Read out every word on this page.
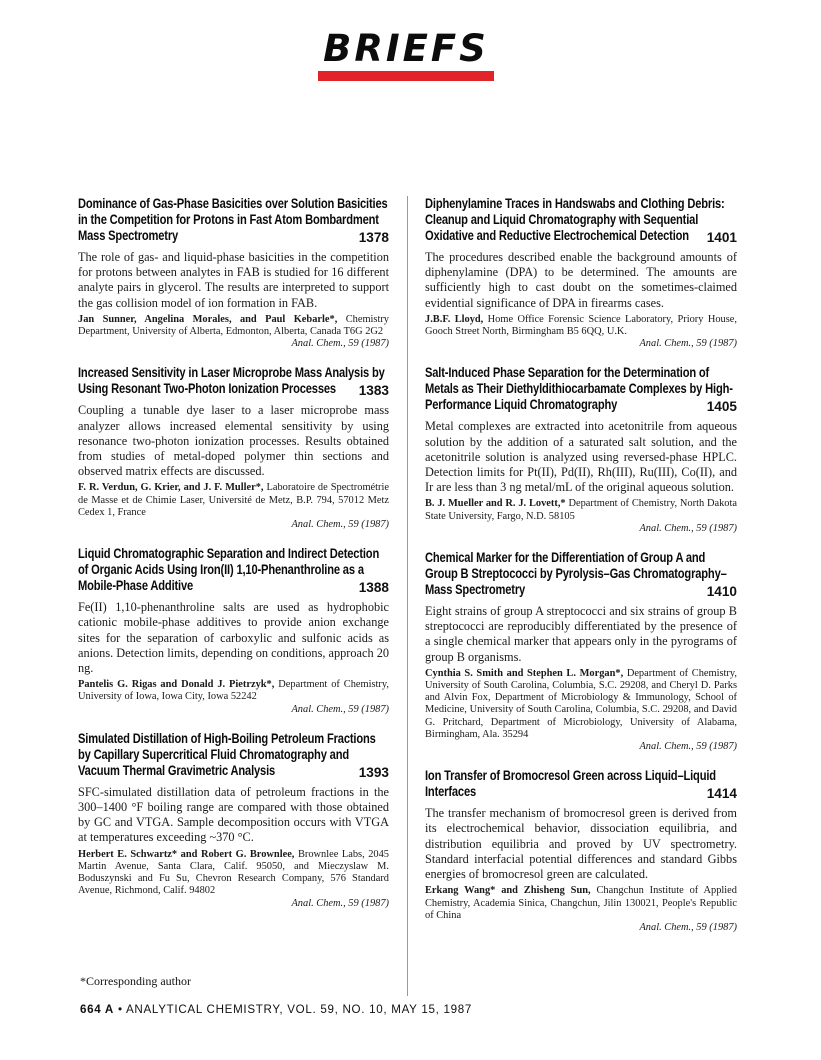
BRIEFS
Dominance of Gas-Phase Basicities over Solution Basicities in the Competition for Protons in Fast Atom Bombardment Mass Spectrometry	1378
The role of gas- and liquid-phase basicities in the competition for protons between analytes in FAB is studied for 16 different analyte pairs in glycerol. The results are interpreted to support the gas collision model of ion formation in FAB.
Jan Sunner, Angelina Morales, and Paul Kebarle*, Chemistry Department, University of Alberta, Edmonton, Alberta, Canada T6G 2G2
Anal. Chem., 59 (1987)
Increased Sensitivity in Laser Microprobe Mass Analysis by Using Resonant Two-Photon Ionization Processes	1383
Coupling a tunable dye laser to a laser microprobe mass analyzer allows increased elemental sensitivity by using resonance two-photon ionization processes. Results obtained from studies of metal-doped polymer thin sections and observed matrix effects are discussed.
F. R. Verdun, G. Krier, and J. F. Muller*, Laboratoire de Spectrométrie de Masse et de Chimie Laser, Université de Metz, B.P. 794, 57012 Metz Cedex 1, France
Anal. Chem., 59 (1987)
Liquid Chromatographic Separation and Indirect Detection of Organic Acids Using Iron(II) 1,10-Phenanthroline as a Mobile-Phase Additive	1388
Fe(II) 1,10-phenanthroline salts are used as hydrophobic cationic mobile-phase additives to provide anion exchange sites for the separation of carboxylic and sulfonic acids as anions. Detection limits, depending on conditions, approach 20 ng.
Pantelis G. Rigas and Donald J. Pietrzyk*, Department of Chemistry, University of Iowa, Iowa City, Iowa 52242
Anal. Chem., 59 (1987)
Simulated Distillation of High-Boiling Petroleum Fractions by Capillary Supercritical Fluid Chromatography and Vacuum Thermal Gravimetric Analysis	1393
SFC-simulated distillation data of petroleum fractions in the 300–1400 °F boiling range are compared with those obtained by GC and VTGA. Sample decomposition occurs with VTGA at temperatures exceeding ~370 °C.
Herbert E. Schwartz* and Robert G. Brownlee, Brownlee Labs, 2045 Martin Avenue, Santa Clara, Calif. 95050, and Mieczyslaw M. Boduszynski and Fu Su, Chevron Research Company, 576 Standard Avenue, Richmond, Calif. 94802
Anal. Chem., 59 (1987)
Diphenylamine Traces in Handswabs and Clothing Debris: Cleanup and Liquid Chromatography with Sequential Oxidative and Reductive Electrochemical Detection	1401
The procedures described enable the background amounts of diphenylamine (DPA) to be determined. The amounts are sufficiently high to cast doubt on the sometimes-claimed evidential significance of DPA in firearms cases.
J.B.F. Lloyd, Home Office Forensic Science Laboratory, Priory House, Gooch Street North, Birmingham B5 6QQ, U.K.
Anal. Chem., 59 (1987)
Salt-Induced Phase Separation for the Determination of Metals as Their Diethyldithiocarbamate Complexes by High-Performance Liquid Chromatography	1405
Metal complexes are extracted into acetonitrile from aqueous solution by the addition of a saturated salt solution, and the acetonitrile solution is analyzed using reversed-phase HPLC. Detection limits for Pt(II), Pd(II), Rh(III), Ru(III), Co(II), and Ir are less than 3 ng metal/mL of the original aqueous solution.
B. J. Mueller and R. J. Lovett,* Department of Chemistry, North Dakota State University, Fargo, N.D. 58105
Anal. Chem., 59 (1987)
Chemical Marker for the Differentiation of Group A and Group B Streptococci by Pyrolysis–Gas Chromatography–Mass Spectrometry	1410
Eight strains of group A streptococci and six strains of group B streptococci are reproducibly differentiated by the presence of a single chemical marker that appears only in the pyrograms of group B organisms.
Cynthia S. Smith and Stephen L. Morgan*, Department of Chemistry, University of South Carolina, Columbia, S.C. 29208, and Cheryl D. Parks and Alvin Fox, Department of Microbiology & Immunology, School of Medicine, University of South Carolina, Columbia, S.C. 29208, and David G. Pritchard, Department of Microbiology, University of Alabama, Birmingham, Ala. 35294
Anal. Chem., 59 (1987)
Ion Transfer of Bromocresol Green across Liquid–Liquid Interfaces	1414
The transfer mechanism of bromocresol green is derived from its electrochemical behavior, dissociation equilibria, and distribution equilibria and proved by UV spectrometry. Standard interfacial potential differences and standard Gibbs energies of bromocresol green are calculated.
Erkang Wang* and Zhisheng Sun, Changchun Institute of Applied Chemistry, Academia Sinica, Changchun, Jilin 130021, People's Republic of China
Anal. Chem., 59 (1987)
*Corresponding author
664 A • ANALYTICAL CHEMISTRY, VOL. 59, NO. 10, MAY 15, 1987
